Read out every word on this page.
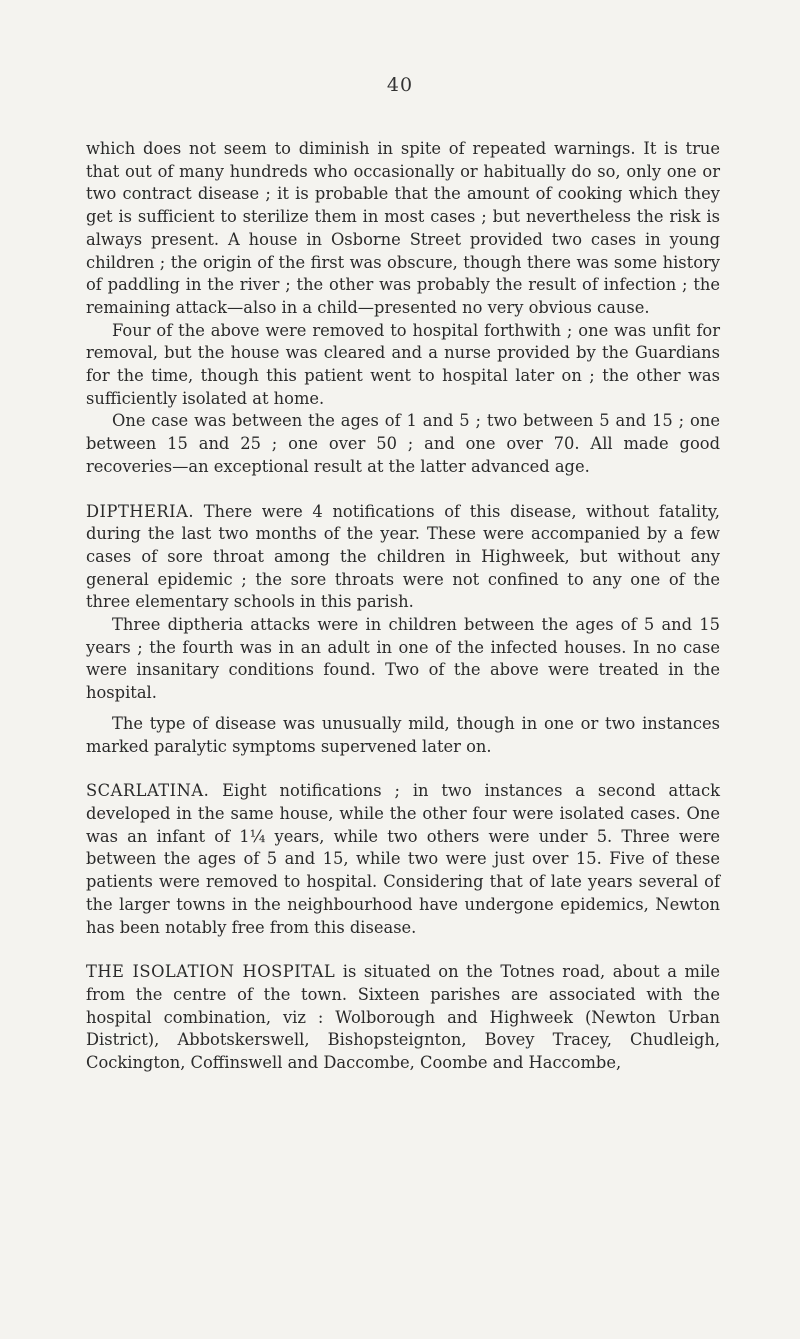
40

which does not seem to diminish in spite of repeated warnings. It is true that out of many hundreds who occasionally or habitually do so, only one or two contract disease ; it is probable that the amount of cooking which they get is sufficient to sterilize them in most cases ; but nevertheless the risk is always present. A house in Osborne Street provided two cases in young children ; the origin of the first was obscure, though there was some history of paddling in the river ; the other was probably the result of infection ; the remaining attack—also in a child—presented no very obvious cause.

Four of the above were removed to hospital forthwith ; one was unfit for removal, but the house was cleared and a nurse provided by the Guardians for the time, though this patient went to hospital later on ; the other was sufficiently isolated at home.

One case was between the ages of 1 and 5 ; two between 5 and 15 ; one between 15 and 25 ; one over 50 ; and one over 70. All made good recoveries—an exceptional result at the latter advanced age.

DIPTHERIA. There were 4 notifications of this disease, without fatality, during the last two months of the year. These were accompanied by a few cases of sore throat among the children in Highweek, but without any general epidemic ; the sore throats were not confined to any one of the three elementary schools in this parish.

Three diptheria attacks were in children between the ages of 5 and 15 years ; the fourth was in an adult in one of the infected houses. In no case were insanitary conditions found. Two of the above were treated in the hospital.

The type of disease was unusually mild, though in one or two instances marked paralytic symptoms supervened later on.

SCARLATINA. Eight notifications ; in two instances a second attack developed in the same house, while the other four were isolated cases. One was an infant of 1¼ years, while two others were under 5. Three were between the ages of 5 and 15, while two were just over 15. Five of these patients were removed to hospital. Considering that of late years several of the larger towns in the neighbourhood have undergone epidemics, Newton has been notably free from this disease.

THE ISOLATION HOSPITAL is situated on the Totnes road, about a mile from the centre of the town. Sixteen parishes are associated with the hospital combination, viz : Wolborough and Highweek (Newton Urban District), Abbotskerswell, Bishopsteignton, Bovey Tracey, Chudleigh, Cockington, Coffinswell and Daccombe, Coombe and Haccombe,
